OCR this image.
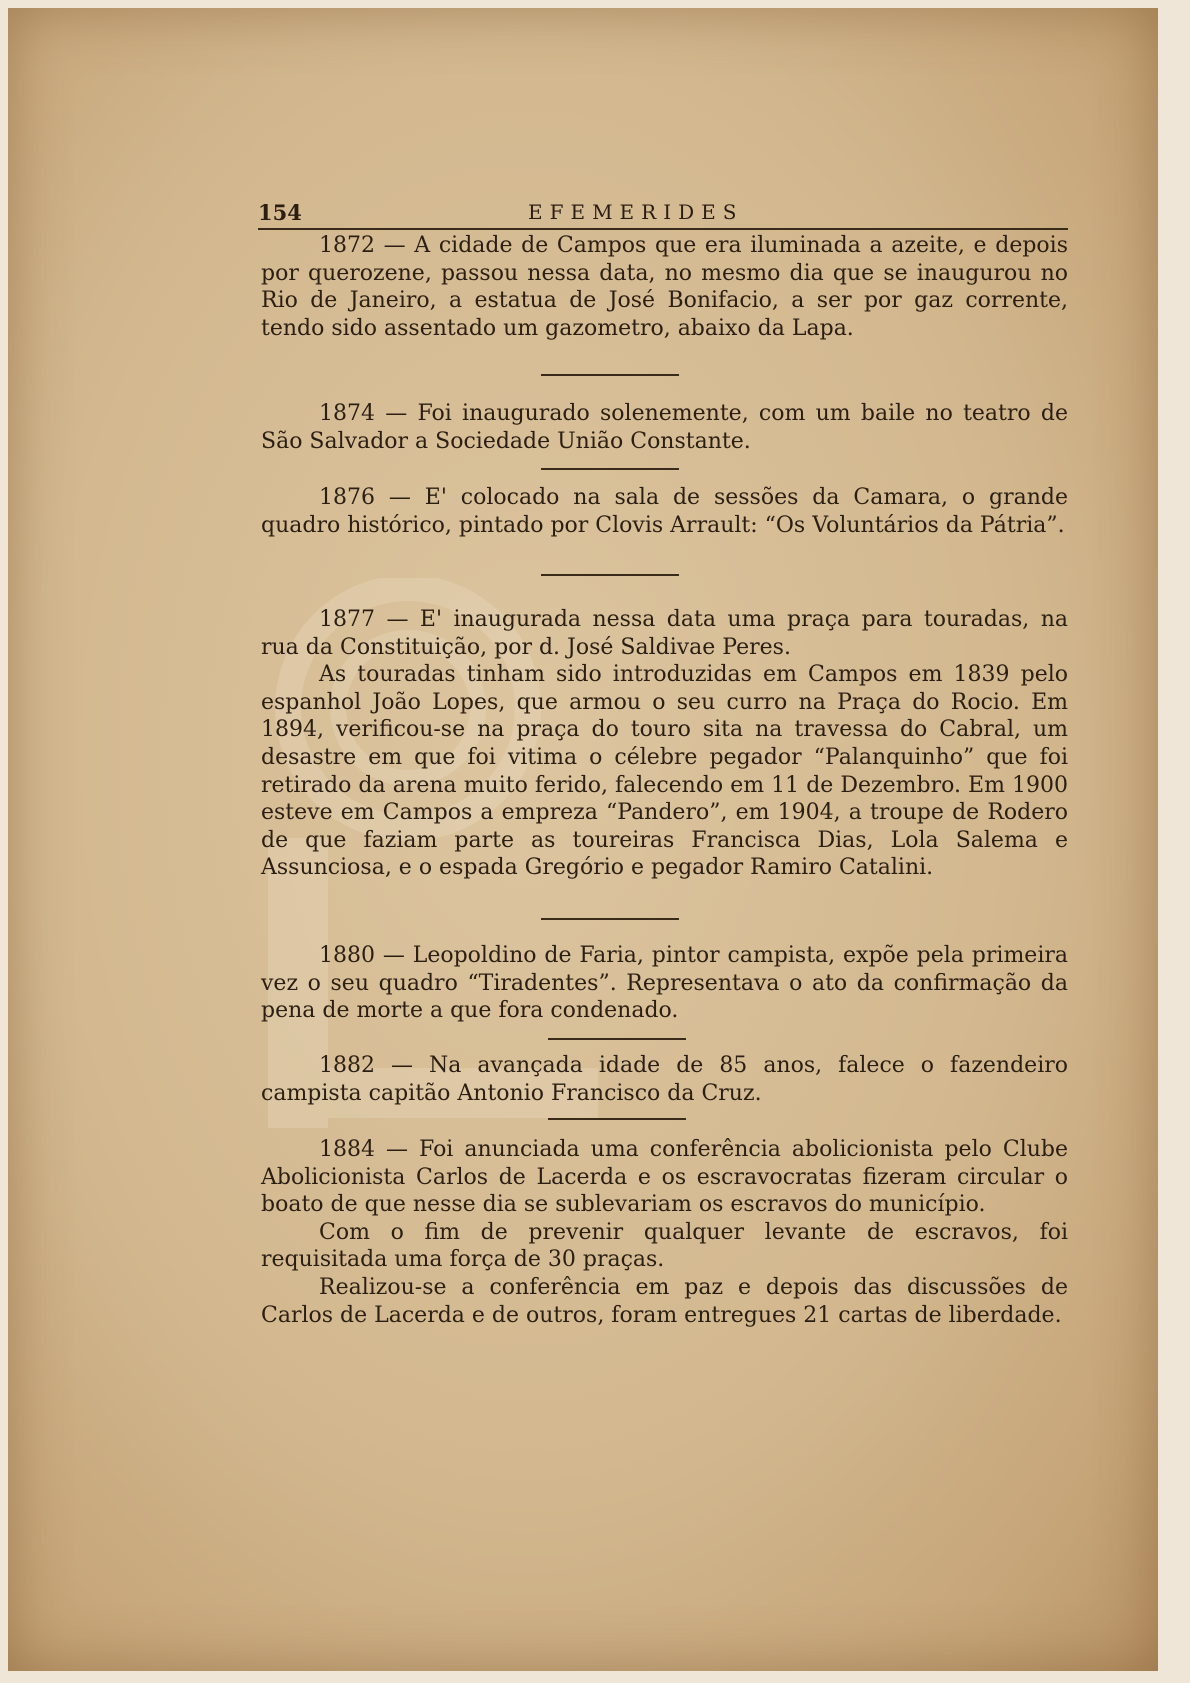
154	EFEMERIDES

1872 — A cidade de Campos que era iluminada a azeite, e depois por querozene, passou nessa data, no mesmo dia que se inaugurou no Rio de Janeiro, a estatua de José Bonifacio, a ser por gaz corrente, tendo sido assentado um gazometro, abaixo da Lapa.

1874 — Foi inaugurado solenemente, com um baile no teatro de São Salvador a Sociedade União Constante.

1876 — E' colocado na sala de sessões da Camara, o grande quadro histórico, pintado por Clovis Arrault: “Os Voluntários da Pátria”.

1877 — E' inaugurada nessa data uma praça para touradas, na rua da Constituição, por d. José Saldivae Peres.

As touradas tinham sido introduzidas em Campos em 1839 pelo espanhol João Lopes, que armou o seu curro na Praça do Rocio. Em 1894, verificou-se na praça do touro sita na travessa do Cabral, um desastre em que foi vitima o célebre pegador “Palanquinho” que foi retirado da arena muito ferido, falecendo em 11 de Dezembro. Em 1900 esteve em Campos a empreza “Pandero”, em 1904, a troupe de Rodero de que faziam parte as toureiras Francisca Dias, Lola Salema e Assunciosa, e o espada Gregório e pegador Ramiro Catalini.

1880 — Leopoldino de Faria, pintor campista, expõe pela primeira vez o seu quadro “Tiradentes”. Representava o ato da confirmação da pena de morte a que fora condenado.

1882 — Na avançada idade de 85 anos, falece o fazendeiro campista capitão Antonio Francisco da Cruz.

1884 — Foi anunciada uma conferência abolicionista pelo Clube Abolicionista Carlos de Lacerda e os escravocratas fizeram circular o boato de que nesse dia se sublevariam os escravos do município.

Com o fim de prevenir qualquer levante de escravos, foi requisitada uma força de 30 praças.

Realizou-se a conferência em paz e depois das discussões de Carlos de Lacerda e de outros, foram entregues 21 cartas de liberdade.
